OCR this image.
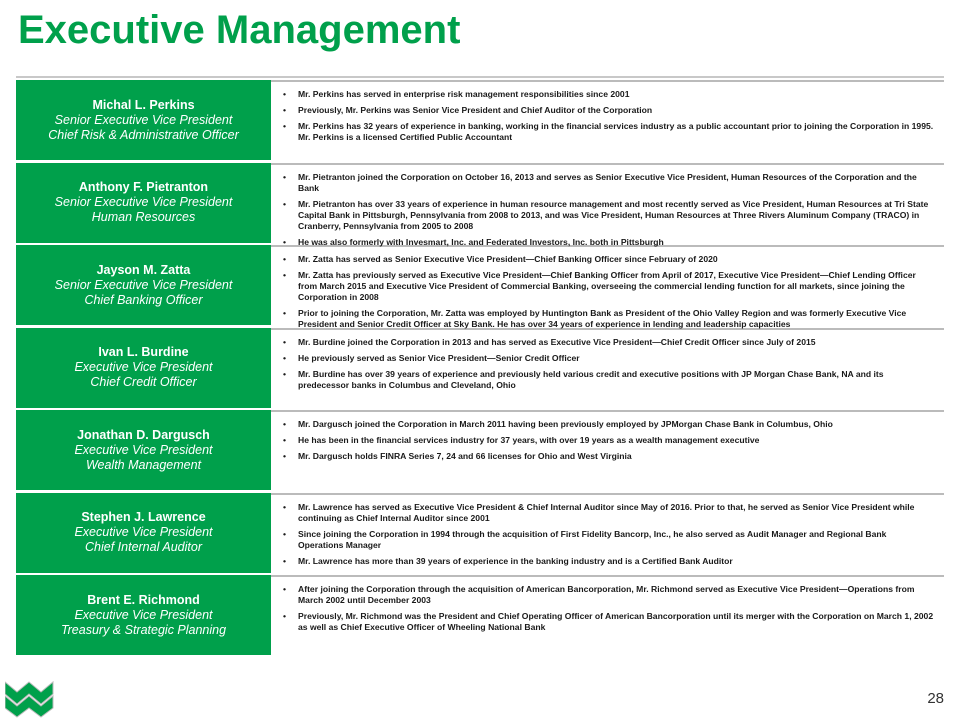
Executive Management
Michal L. Perkins
Senior Executive Vice President
Chief Risk & Administrative Officer
• Mr. Perkins has served in enterprise risk management responsibilities since 2001
• Previously, Mr. Perkins was Senior Vice President and Chief Auditor of the Corporation
• Mr. Perkins has 32 years of experience in banking, working in the financial services industry as a public accountant prior to joining the Corporation in 1995. Mr. Perkins is a licensed Certified Public Accountant
Anthony F. Pietranton
Senior Executive Vice President
Human Resources
• Mr. Pietranton joined the Corporation on October 16, 2013 and serves as Senior Executive Vice President, Human Resources of the Corporation and the Bank
• Mr. Pietranton has over 33 years of experience in human resource management and most recently served as Vice President, Human Resources at Tri State Capital Bank in Pittsburgh, Pennsylvania from 2008 to 2013, and was Vice President, Human Resources at Three Rivers Aluminum Company (TRACO) in Cranberry, Pennsylvania from 2005 to 2008
• He was also formerly with Invesmart, Inc. and Federated Investors, Inc. both in Pittsburgh
Jayson M. Zatta
Senior Executive Vice President
Chief Banking Officer
• Mr. Zatta has served as Senior Executive Vice President—Chief Banking Officer since February of 2020
• Mr. Zatta has previously served as Executive Vice President—Chief Banking Officer from April of 2017, Executive Vice President—Chief Lending Officer from March 2015 and Executive Vice President of Commercial Banking, overseeing the commercial lending function for all markets, since joining the Corporation in 2008
• Prior to joining the Corporation, Mr. Zatta was employed by Huntington Bank as President of the Ohio Valley Region and was formerly Executive Vice President and Senior Credit Officer at Sky Bank. He has over 34 years of experience in lending and leadership capacities
Ivan L. Burdine
Executive Vice President
Chief Credit Officer
• Mr. Burdine joined the Corporation in 2013 and has served as Executive Vice President—Chief Credit Officer since July of 2015
• He previously served as Senior Vice President—Senior Credit Officer
• Mr. Burdine has over 39 years of experience and previously held various credit and executive positions with JP Morgan Chase Bank, NA and its predecessor banks in Columbus and Cleveland, Ohio
Jonathan D. Dargusch
Executive Vice President
Wealth Management
• Mr. Dargusch joined the Corporation in March 2011 having been previously employed by JPMorgan Chase Bank in Columbus, Ohio
• He has been in the financial services industry for 37 years, with over 19 years as a wealth management executive
• Mr. Dargusch holds FINRA Series 7, 24 and 66 licenses for Ohio and West Virginia
Stephen J. Lawrence
Executive Vice President
Chief Internal Auditor
• Mr. Lawrence has served as Executive Vice President & Chief Internal Auditor since May of 2016. Prior to that, he served as Senior Vice President while continuing as Chief Internal Auditor since 2001
• Since joining the Corporation in 1994 through the acquisition of First Fidelity Bancorp, Inc., he also served as Audit Manager and Regional Bank Operations Manager
• Mr. Lawrence has more than 39 years of experience in the banking industry and is a Certified Bank Auditor
Brent E. Richmond
Executive Vice President
Treasury & Strategic Planning
• After joining the Corporation through the acquisition of American Bancorporation, Mr. Richmond served as Executive Vice President—Operations from March 2002 until December 2003
• Previously, Mr. Richmond was the President and Chief Operating Officer of American Bancorporation until its merger with the Corporation on March 1, 2002 as well as Chief Executive Officer of Wheeling National Bank
28
